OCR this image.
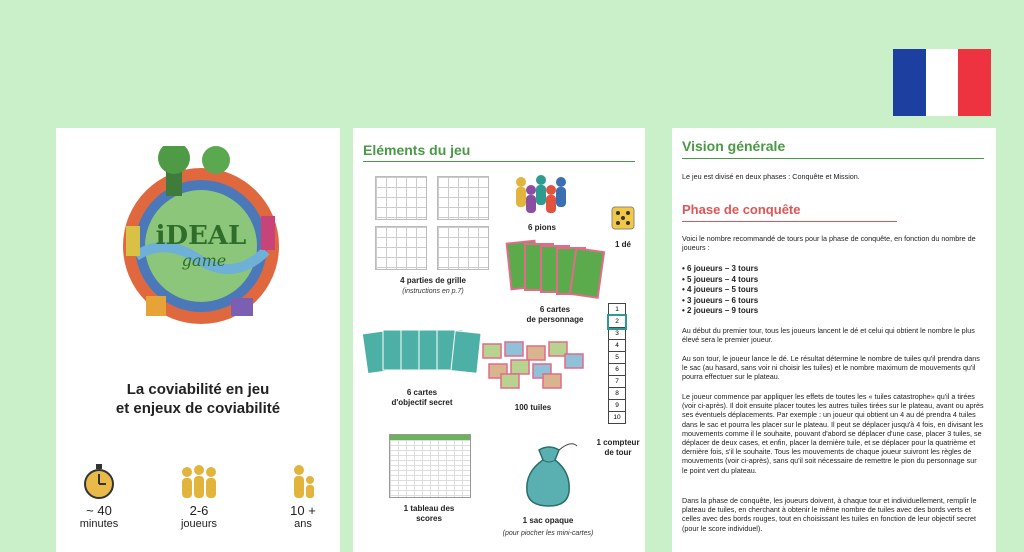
iDEAL
game
La coviabilité en jeu
et enjeux de coviabilité
~ 40
minutes
2-6
joueurs
10 +
ans
Eléments du jeu
4 parties de grille
(instructions en p.7)
6 pions
1 dé
6 cartes
de personnage
6 cartes
d'objectif secret
100 tuiles
1
2
3
4
5
6
7
8
9
10
1 compteur
de tour
1 tableau des
scores	1 sac opaque
(pour piocher les mini-cartes)
Vision générale
Le jeu est divisé en deux phases : Conquête et Mission.
Phase de conquête
Voici le nombre recommandé de tours pour la phase de conquête, en fonction du nombre de joueurs :
• 6 joueurs – 3 tours
• 5 joueurs – 4 tours
• 4 joueurs – 5 tours
• 3 joueurs – 6 tours
• 2 joueurs – 9 tours
Au début du premier tour, tous les joueurs lancent le dé et celui qui obtient le nombre le plus élevé sera le premier joueur.
Au son tour, le joueur lance le dé. Le résultat détermine le nombre de tuiles qu'il prendra dans le sac (au hasard, sans voir ni choisir les tuiles) et le nombre maximum de mouvements qu'il pourra effectuer sur le plateau.
Le joueur commence par appliquer les effets de toutes les « tuiles catastrophe» qu'il a tirées (voir ci-après). Il doit ensuite placer toutes les autres tuiles tirées sur le plateau, avant ou après ses éventuels déplacements. Par exemple : un joueur qui obtient un 4 au dé prendra 4 tuiles dans le sac et pourra les placer sur le plateau. Il peut se déplacer jusqu'à 4 fois, en divisant les mouvements comme il le souhaite, pouvant d'abord se déplacer d'une case, placer 3 tuiles, se déplacer de deux cases, et enfin, placer la dernière tuile, et se déplacer pour la quatrième et dernière fois, s'il le souhaite. Tous les mouvements de chaque joueur suivront les règles de mouvements (voir ci-après), sans qu'il soit nécessaire de remettre le pion du personnage sur le point vert du plateau.
Dans la phase de conquête, les joueurs doivent, à chaque tour et individuellement, remplir le plateau de tuiles, en cherchant à obtenir le même nombre de tuiles avec des bords verts et celles avec des bords rouges, tout en choisissant les tuiles en fonction de leur objectif secret (pour le score individuel).
